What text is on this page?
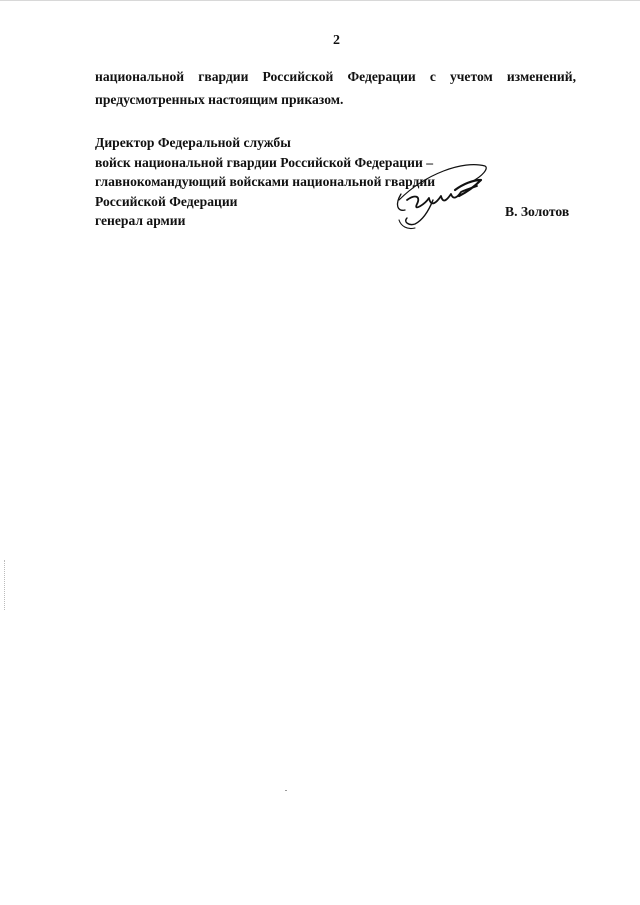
2

национальной гвардии Российской Федерации с учетом изменений,

предусмотренных настоящим приказом.

Директор Федеральной службы
войск национальной гвардии Российской Федерации –
главнокомандующий войсками национальной гвардии
Российской Федерации
генерал армии
В. Золотов
